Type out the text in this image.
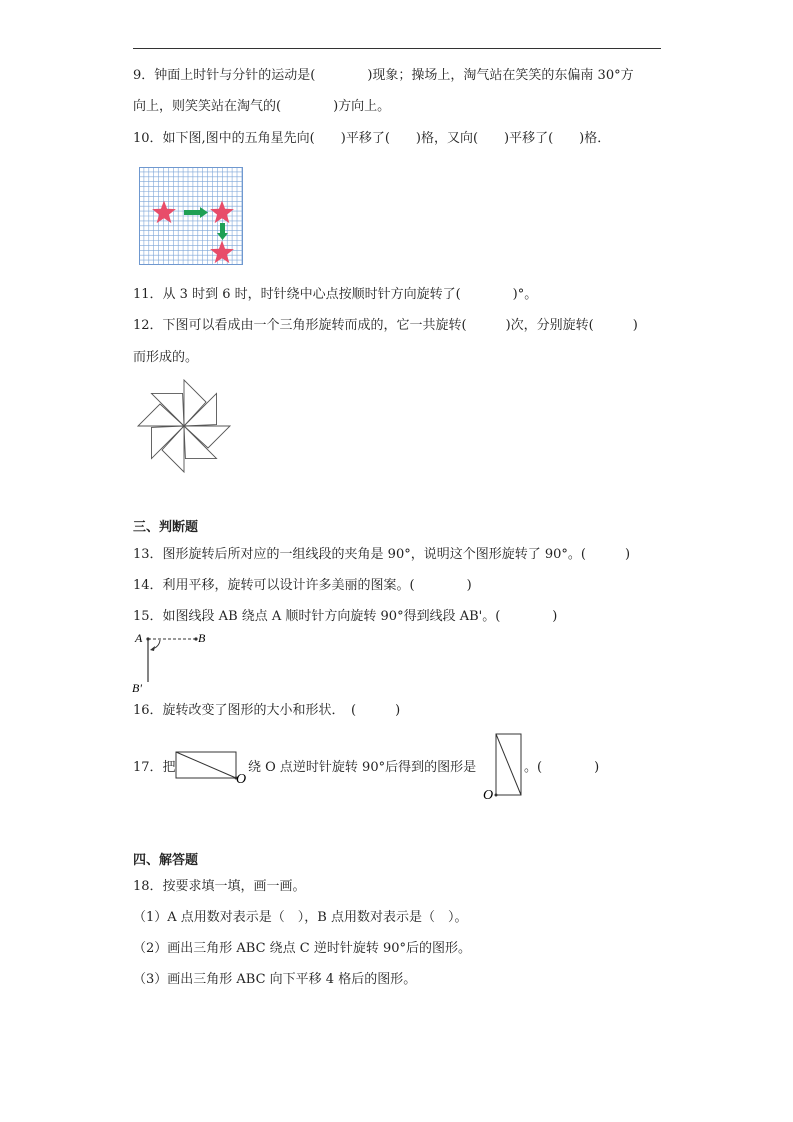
9．钟面上时针与分针的运动是(　　　　)现象；操场上，淘气站在笑笑的东偏南 30°方
向上，则笑笑站在淘气的(　　　　)方向上。
10．如下图,图中的五角星先向(　　)平移了(　　)格，又向(　　)平移了(　　)格．
11．从 3 时到 6 时，时针绕中心点按顺时针方向旋转了(　　　　)°。
12．下图可以看成由一个三角形旋转而成的，它一共旋转(　　　)次，分别旋转(　　　)
而形成的。
三、判断题
13．图形旋转后所对应的一组线段的夹角是 90°，说明这个图形旋转了 90°。(　　　)
14．利用平移，旋转可以设计许多美丽的图案。(　　　　)
15．如图线段 AB 绕点 A 顺时针方向旋转 90°得到线段 AB'。(　　　　)
A	B
B'
16．旋转改变了图形的大小和形状．　(　　　)
17．把
O
绕 O 点逆时针旋转 90°后得到的图形是
O
。(　　　　)
四、解答题
18．按要求填一填，画一画。
（1）A 点用数对表示是（　），B 点用数对表示是（　）。
（2）画出三角形 ABC 绕点 C 逆时针旋转 90°后的图形。
（3）画出三角形 ABC 向下平移 4 格后的图形。
